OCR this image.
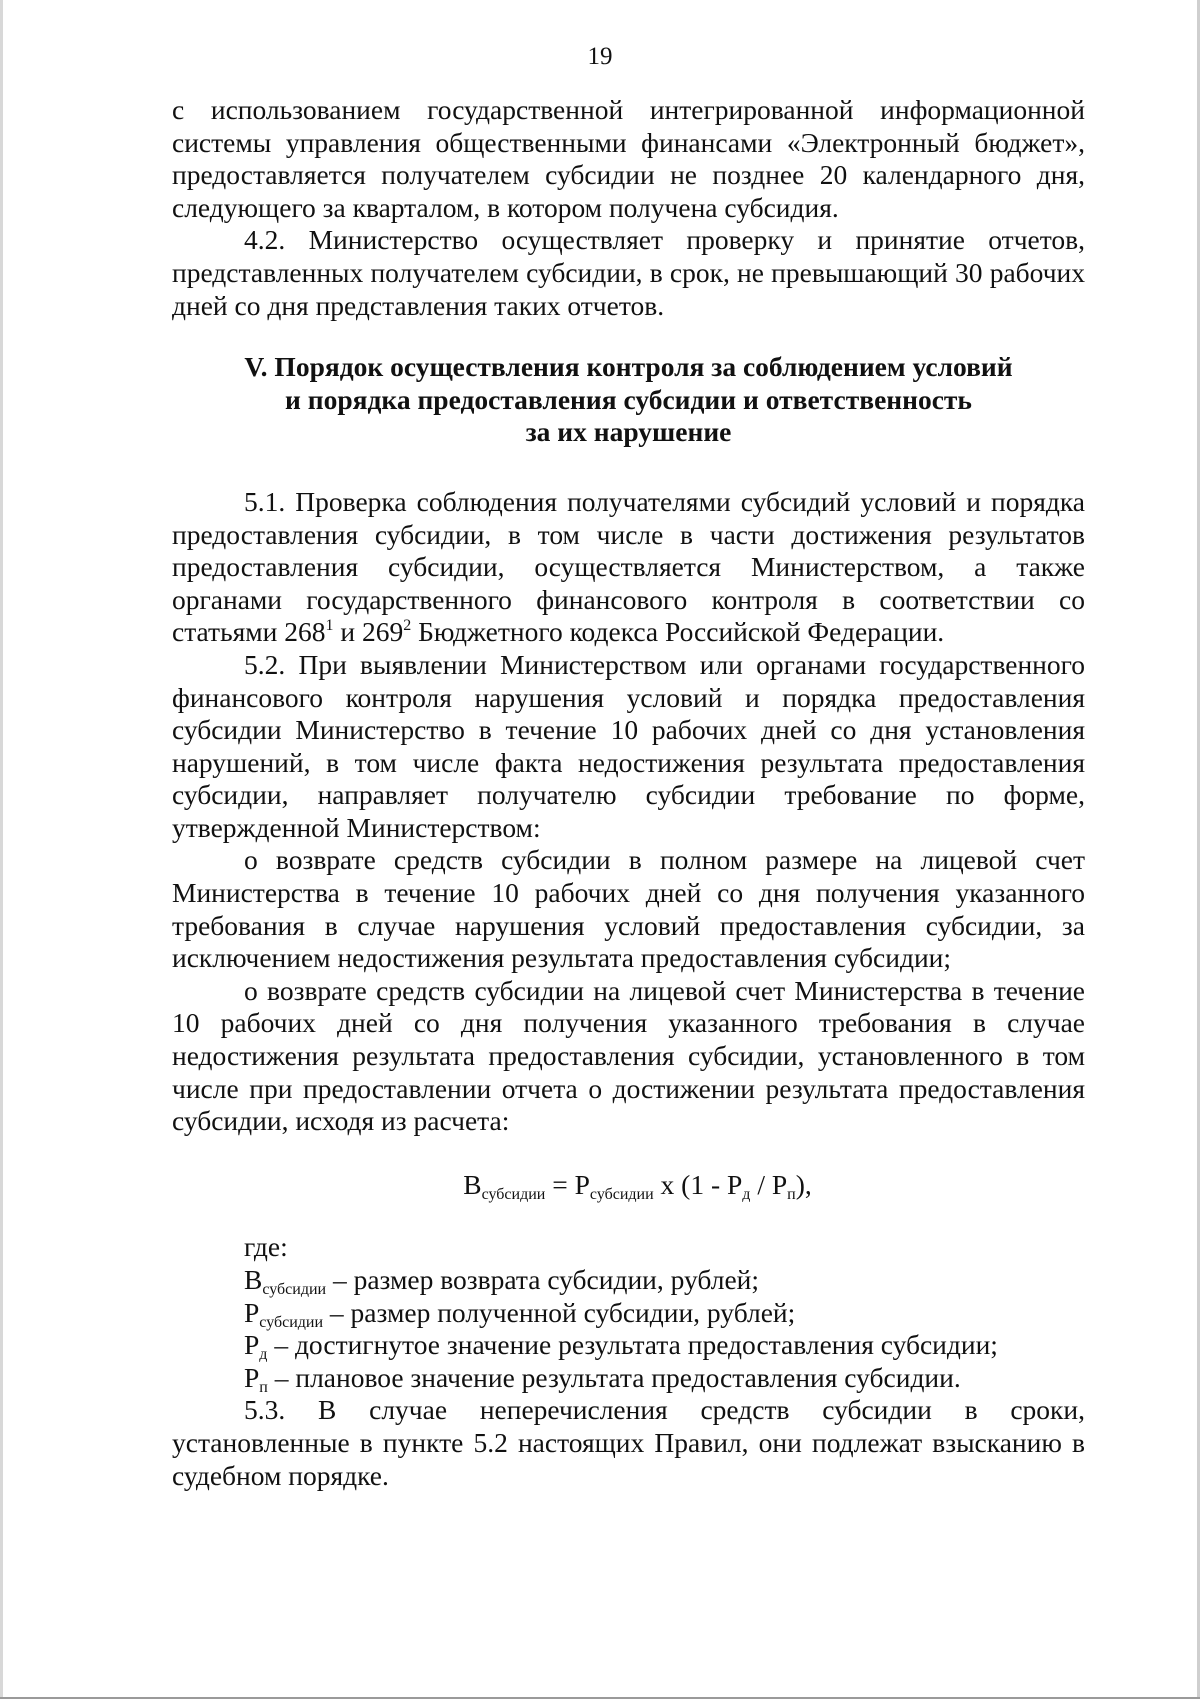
19

с использованием государственной интегрированной информационной системы управления общественными финансами «Электронный бюджет», предоставляется получателем субсидии не позднее 20 календарного дня, следующего за кварталом, в котором получена субсидия.

4.2. Министерство осуществляет проверку и принятие отчетов, представленных получателем субсидии, в срок, не превышающий 30 рабочих дней со дня представления таких отчетов.

V. Порядок осуществления контроля за соблюдением условий
и порядка предоставления субсидии и ответственность
за их нарушение

5.1. Проверка соблюдения получателями субсидий условий и порядка предоставления субсидии, в том числе в части достижения результатов предоставления субсидии, осуществляется Министерством, а также органами государственного финансового контроля в соответствии со статьями $268^1$ и $269^2$ Бюджетного кодекса Российской Федерации.

5.2. При выявлении Министерством или органами государственного финансового контроля нарушения условий и порядка предоставления субсидии Министерство в течение 10 рабочих дней со дня установления нарушений, в том числе факта недостижения результата предоставления субсидии, направляет получателю субсидии требование по форме, утвержденной Министерством:

о возврате средств субсидии в полном размере на лицевой счет Министерства в течение 10 рабочих дней со дня получения указанного требования в случае нарушения условий предоставления субсидии, за исключением недостижения результата предоставления субсидии;

о возврате средств субсидии на лицевой счет Министерства в течение 10 рабочих дней со дня получения указанного требования в случае недостижения результата предоставления субсидии, установленного в том числе при предоставлении отчета о достижении результата предоставления субсидии, исходя из расчета:

$В_{субсидии} = Р_{субсидии}$ х $(1 - Р_д / Р_п)$,

где:

$В_{субсидии}$ – размер возврата субсидии, рублей;

$Р_{субсидии}$ – размер полученной субсидии, рублей;

$Р_д$ – достигнутое значение результата предоставления субсидии;

$Р_п$ – плановое значение результата предоставления субсидии.

5.3. В случае неперечисления средств субсидии в сроки, установленные в пункте 5.2 настоящих Правил, они подлежат взысканию в судебном порядке.
